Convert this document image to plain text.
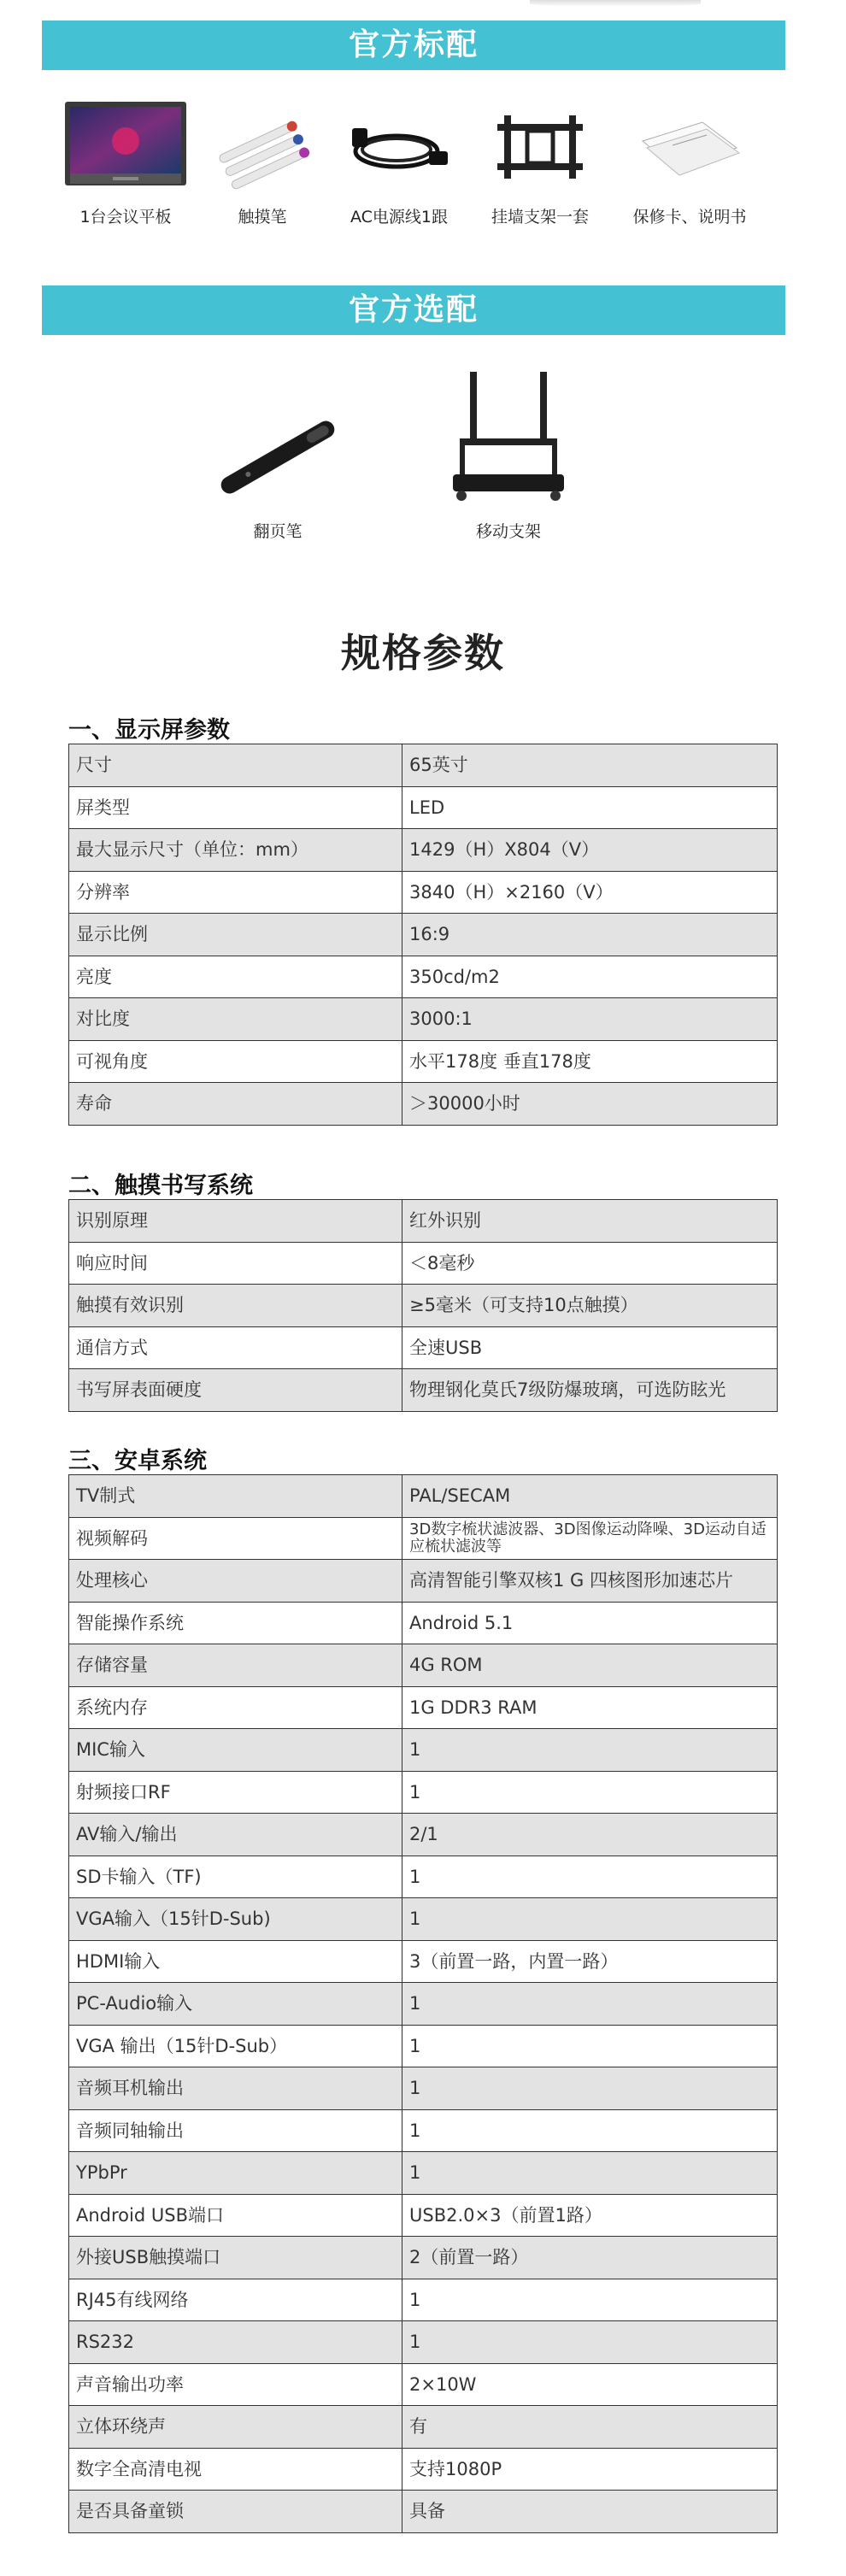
官方标配
1台会议平板	触摸笔	AC电源线1跟	挂墙支架一套	保修卡、说明书
官方选配
翻页笔	移动支架
规格参数
一、显示屏参数
尺寸	65英寸
屏类型	LED
最大显示尺寸（单位：mm）	1429（H）X804（V）
分辨率	3840（H）×2160（V）
显示比例	16:9
亮度	350cd/m2
对比度	3000:1
可视角度	水平178度 垂直178度
寿命	＞30000小时
二、触摸书写系统
识别原理	红外识别
响应时间	＜8毫秒
触摸有效识别	≥5毫米（可支持10点触摸）
通信方式	全速USB
书写屏表面硬度	物理钢化莫氏7级防爆玻璃，可选防眩光
三、安卓系统
TV制式	PAL/SECAM
视频解码	3D数字梳状滤波器、3D图像运动降噪、3D运动自适应梳状滤波等
处理核心	高清智能引擎双核1 G 四核图形加速芯片
智能操作系统	Android 5.1
存储容量	4G ROM
系统内存	1G DDR3 RAM
MIC输入	1
射频接口RF	1
AV输入/输出	2/1
SD卡输入（TF)	1
VGA输入（15针D-Sub)	1
HDMI输入	3（前置一路，内置一路）
PC-Audio输入	1
VGA 输出（15针D-Sub）	1
音频耳机输出	1
音频同轴输出	1
YPbPr	1
Android USB端口	USB2.0×3（前置1路）
外接USB触摸端口	2（前置一路）
RJ45有线网络	1
RS232	1
声音输出功率	2×10W
立体环绕声	有
数字全高清电视	支持1080P
是否具备童锁	具备
